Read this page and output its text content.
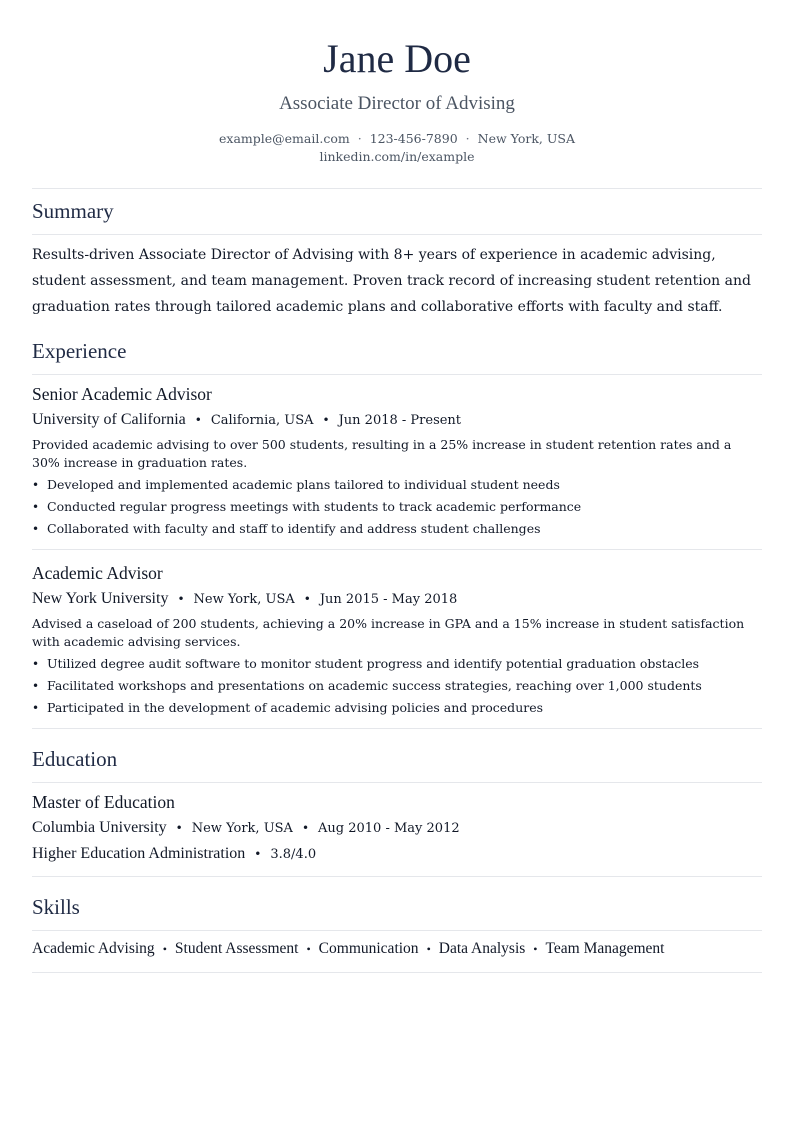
Jane Doe
Associate Director of Advising
example@email.com · 123-456-7890 · New York, USA
linkedin.com/in/example
Summary
Results-driven Associate Director of Advising with 8+ years of experience in academic advising, student assessment, and team management. Proven track record of increasing student retention and graduation rates through tailored academic plans and collaborative efforts with faculty and staff.
Experience
Senior Academic Advisor
University of California • California, USA • Jun 2018 - Present
Provided academic advising to over 500 students, resulting in a 25% increase in student retention rates and a 30% increase in graduation rates.
• Developed and implemented academic plans tailored to individual student needs
• Conducted regular progress meetings with students to track academic performance
• Collaborated with faculty and staff to identify and address student challenges
Academic Advisor
New York University • New York, USA • Jun 2015 - May 2018
Advised a caseload of 200 students, achieving a 20% increase in GPA and a 15% increase in student satisfaction with academic advising services.
• Utilized degree audit software to monitor student progress and identify potential graduation obstacles
• Facilitated workshops and presentations on academic success strategies, reaching over 1,000 students
• Participated in the development of academic advising policies and procedures
Education
Master of Education
Columbia University • New York, USA • Aug 2010 - May 2012
Higher Education Administration • 3.8/4.0
Skills
Academic Advising • Student Assessment • Communication • Data Analysis • Team Management
